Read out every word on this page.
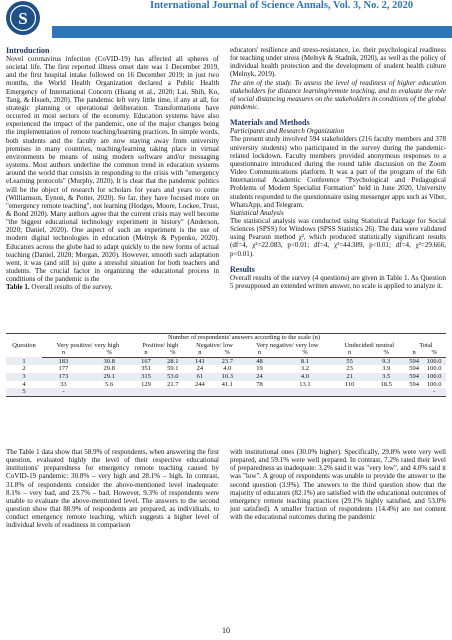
S
International Journal of Science Annals, Vol. 3, No. 2, 2020
Introduction

Novel coronavirus infection (CoVID-19) has affected all spheres of societal life. The first reported illness onset date was 1 December 2019, and the first hospital intake followed on 16 December 2019; in just two months, the World Health Organization declared a Public Health Emergency of International Concern (Huang et al., 2020; Lai, Shih, Ko, Tang, & Hsueh, 2020). The pandemic left very little time, if any at all, for strategic planning or operational deliberation. Transformations have occurred in most sectors of the economy. Education systems have also experienced the impact of the pandemic, one of the major changes being the implementation of remote teaching/learning practices. In simple words, both students and the faculty are now staying away from university premises in many countries, teaching/learning taking place in virtual environments be means of using modern software and/or messaging systems. Most authors underline the common trend in education systems around the world that consists in responding to the crisis with "emergency eLearning protocols" (Murphy, 2020). It is clear that the pandemic politics will be the object of research for scholars for years and years to come (Williamson, Eynon, & Potter, 2020). So far, they have focused more on "emergency remote teaching", not learning (Hodges, Moore, Lockee, Trust, & Bond 2020). Many authors agree that the current crisis may well become "the biggest educational technology experiment in history" (Anderson, 2020; Daniel, 2020). One aspect of such an experiment is the use of modern digital technologies in education (Melnyk & Pypenko, 2020). Educators across the globe had to adapt quickly to the new forms of actual teaching (Daniel, 2020; Morgan, 2020). However, smooth such adaptation went, it was (and still is) quite a stressful situation for both teachers and students. The crucial factor in organizing the educational process in conditions of the pandemic is the

Table 1. Overall results of the survey.

educators' resilience and stress-resistance, i.e. their psychological readiness for teaching under stress (Melnyk & Stadnik, 2020), as well as the policy of individual health protection and the development of student health culture (Melnyk, 2019).

The aim of the study. To assess the level of readiness of higher education stakeholders for distance learning/remote teaching, and to evaluate the role of social distancing measures on the stakeholders in conditions of the global pandemic.

Materials and Methods

Participants and Research Organization

The present study involved 594 stakeholders (216 faculty members and 378 university students) who participated in the survey during the pandemic-related lockdown. Faculty members provided anonymous responses to a questionnaire introduced during the round table discussion on the Zoom Video Communications platform. It was a part of the program of the 6th International Academic Conference "Psychological and Pedagogical Problems of Modern Specialist Formation" held in June 2020. University students responded to the questionnaire using messenger apps such as Viber, WhatsApp, and Telegram.

Statistical Analysis

The statistical analysis was conducted using Statistical Package for Social Sciences (SPSS) for Windows (SPSS Statistics 26). The data were validated using Pearson method χ², which produced statistically significant results (df=4, χ²=22.083, p<0.01; df=4, χ²=44.389, p<0.01; df=4, χ²=29.666, p<0.01).

Results

Overall results of the survey (4 questions) are given in Table 1. As Question 5 presupposed an extended written answer, no scale is applied to analyze it.

Question	Number of respondents' answers according to the scale (n)											
	Very positive/ very high		Positive/ high		Negative/ low		Very negative/ very low		Undecided/ neutral		Total	
	n	%	n	%	n	%	n	%	n	%	n	%
1	183	30.8	167	28.1	141	23.7	48	8.1	55	9.3	594	100.0
2	177	29.8	351	59.1	24	4.0	19	3.2	23	3.9	594	100.0
3	173	29.1	315	53.0	61	10.3	24	4.0	21	3.5	594	100.0
4	33	5.6	129	21.7	244	41.1	78	13.1	110	18.5	594	100.0
5	-											-

The Table 1 data show that 58.9% of respondents, when answering the first question, evaluated highly the level of their respective educational institutions' preparedness for emergency remote teaching caused by CoVID-19 pandemic: 30.8% – very high and 28.1% – high. In contrast, 31.8% of respondents consider the above-mentioned level inadequate: 8.1% – very bad, and 23.7% – bad. However, 9.3% of respondents were unable to evaluate the above-mentioned level. The answers to the second question show that 88.9% of respondents are prepared, as individuals, to conduct emergency remote teaching, which suggests a higher level of individual levels of readiness in comparison

with institutional ones (30.0% higher). Specifically, 29.8% were very well prepared, and 59.1% were well prepared. In contrast, 7.2% rated their level of preparedness as inadequate: 3.2% said it was "very low", and 4.0% said it was "low". A group of respondents was unable to provide the answer to the second question (3.9%). The answers to the third question show that the majority of educators (82.1%) are satisfied with the educational outcomes of emergency remote teaching practices (29.1% highly satisfied, and 53.0% just satisfied). A smaller fraction of respondents (14.4%) are not content with the educational outcomes during the pandemic

10
